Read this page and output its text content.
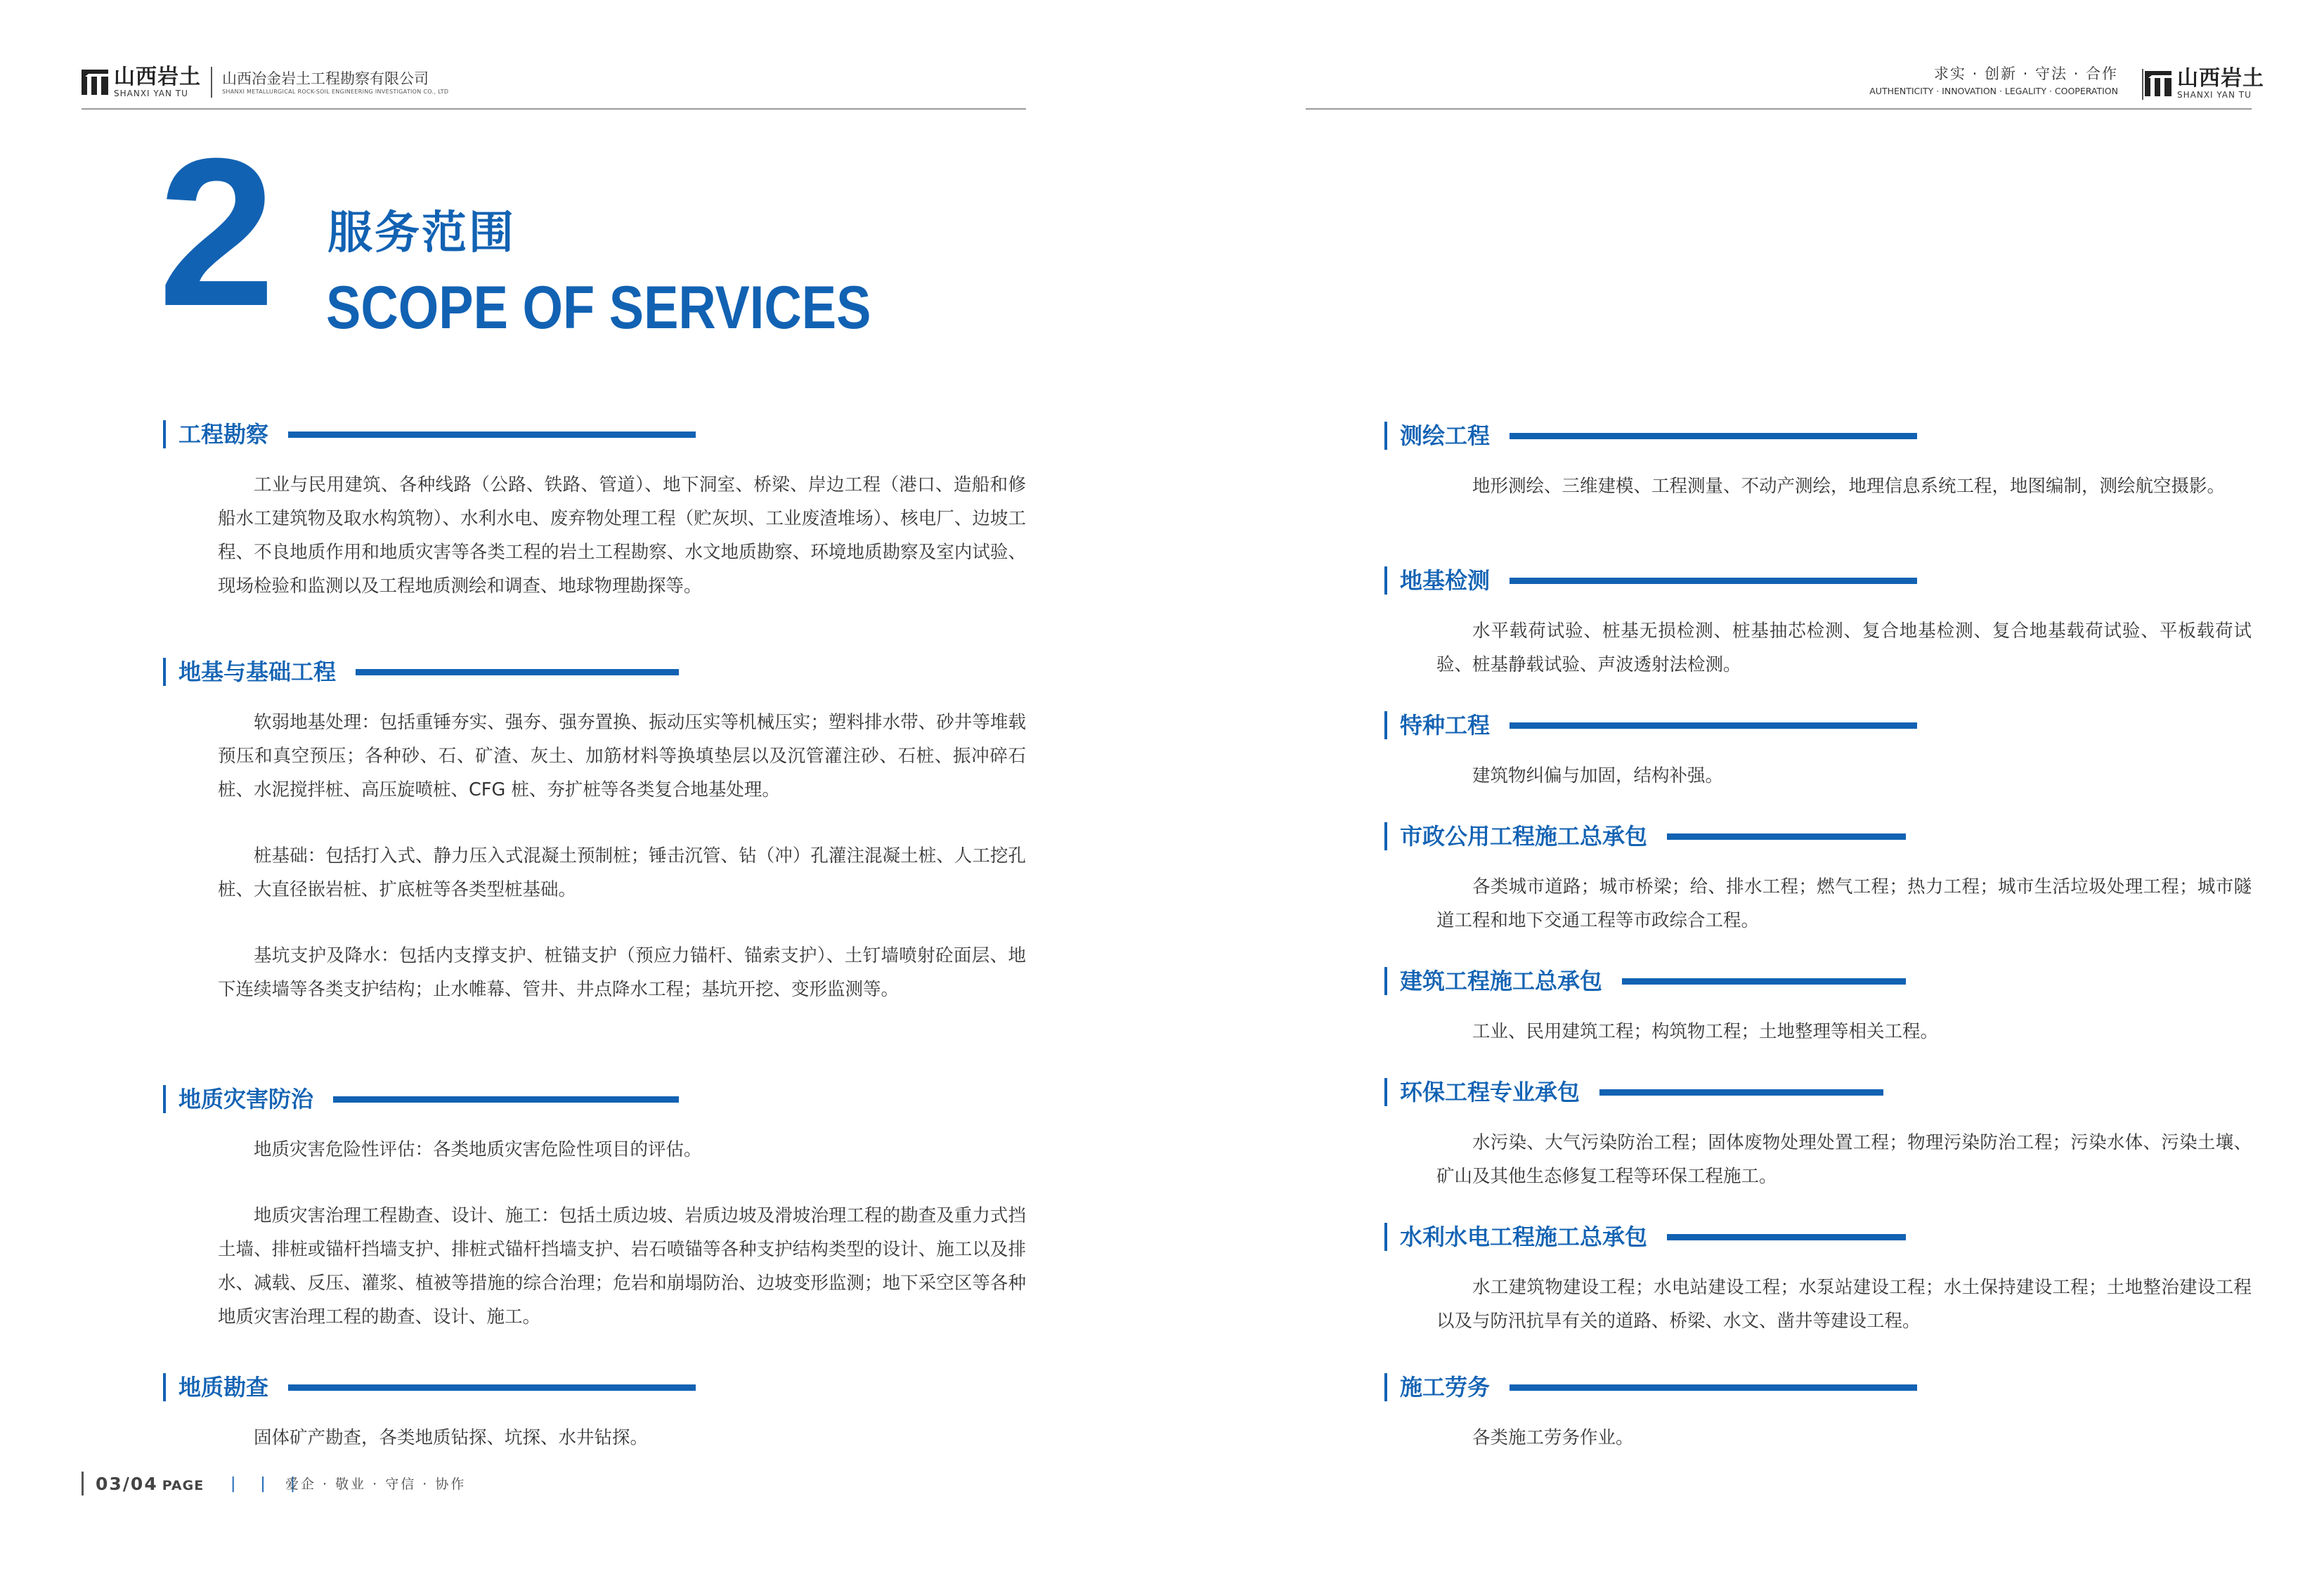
山西岩土
SHANXI YAN TU
山西冶金岩土工程勘察有限公司
SHANXI METALLURGICAL ROCK-SOIL ENGINEERING INVESTIGATION CO., LTD
求实 · 创新 · 守法 · 合作
AUTHENTICITY · INNOVATION · LEGALITY · COOPERATION
山西岩土
SHANXI YAN TU
2 服务范围
SCOPE OF SERVICES
工程勘察
工业与民用建筑、各种线路（公路、铁路、管道）、地下洞室、桥梁、岸边工程（港口、造船和修船水工建筑物及取水构筑物）、水利水电、废弃物处理工程（贮灰坝、工业废渣堆场）、核电厂、边坡工程、不良地质作用和地质灾害等各类工程的岩土工程勘察、水文地质勘察、环境地质勘察及室内试验、现场检验和监测以及工程地质测绘和调查、地球物理勘探等。
地基与基础工程
软弱地基处理：包括重锤夯实、强夯、强夯置换、振动压实等机械压实；塑料排水带、砂井等堆载预压和真空预压；各种砂、石、矿渣、灰土、加筋材料等换填垫层以及沉管灌注砂、石桩、振冲碎石桩、水泥搅拌桩、高压旋喷桩、CFG 桩、夯扩桩等各类复合地基处理。
桩基础：包括打入式、静力压入式混凝土预制桩；锤击沉管、钻（冲）孔灌注混凝土桩、人工挖孔桩、大直径嵌岩桩、扩底桩等各类型桩基础。
基坑支护及降水：包括内支撑支护、桩锚支护（预应力锚杆、锚索支护）、土钉墙喷射砼面层、地下连续墙等各类支护结构；止水帷幕、管井、井点降水工程；基坑开挖、变形监测等。
地质灾害防治
地质灾害危险性评估：各类地质灾害危险性项目的评估。
地质灾害治理工程勘查、设计、施工：包括土质边坡、岩质边坡及滑坡治理工程的勘查及重力式挡土墙、排桩或锚杆挡墙支护、排桩式锚杆挡墙支护、岩石喷锚等各种支护结构类型的设计、施工以及排水、减载、反压、灌浆、植被等措施的综合治理；危岩和崩塌防治、边坡变形监测；地下采空区等各种地质灾害治理工程的勘查、设计、施工。
地质勘查
固体矿产勘查，各类地质钻探、坑探、水井钻探。
测绘工程
地形测绘、三维建模、工程测量、不动产测绘，地理信息系统工程，地图编制，测绘航空摄影。
地基检测
水平载荷试验、桩基无损检测、桩基抽芯检测、复合地基检测、复合地基载荷试验、平板载荷试验、桩基静载试验、声波透射法检测。
特种工程
建筑物纠偏与加固，结构补强。
市政公用工程施工总承包
各类城市道路；城市桥梁；给、排水工程；燃气工程；热力工程；城市生活垃圾处理工程；城市隧道工程和地下交通工程等市政综合工程。
建筑工程施工总承包
工业、民用建筑工程；构筑物工程；土地整理等相关工程。
环保工程专业承包
水污染、大气污染防治工程；固体废物处理处置工程；物理污染防治工程；污染水体、污染土壤、矿山及其他生态修复工程等环保工程施工。
水利水电工程施工总承包
水工建筑物建设工程；水电站建设工程；水泵站建设工程；水土保持建设工程；土地整治建设工程以及与防汛抗旱有关的道路、桥梁、水文、凿井等建设工程。
施工劳务
各类施工劳务作业。
03/04 PAGE | | |
爱企 · 敬业 · 守信 · 协作
